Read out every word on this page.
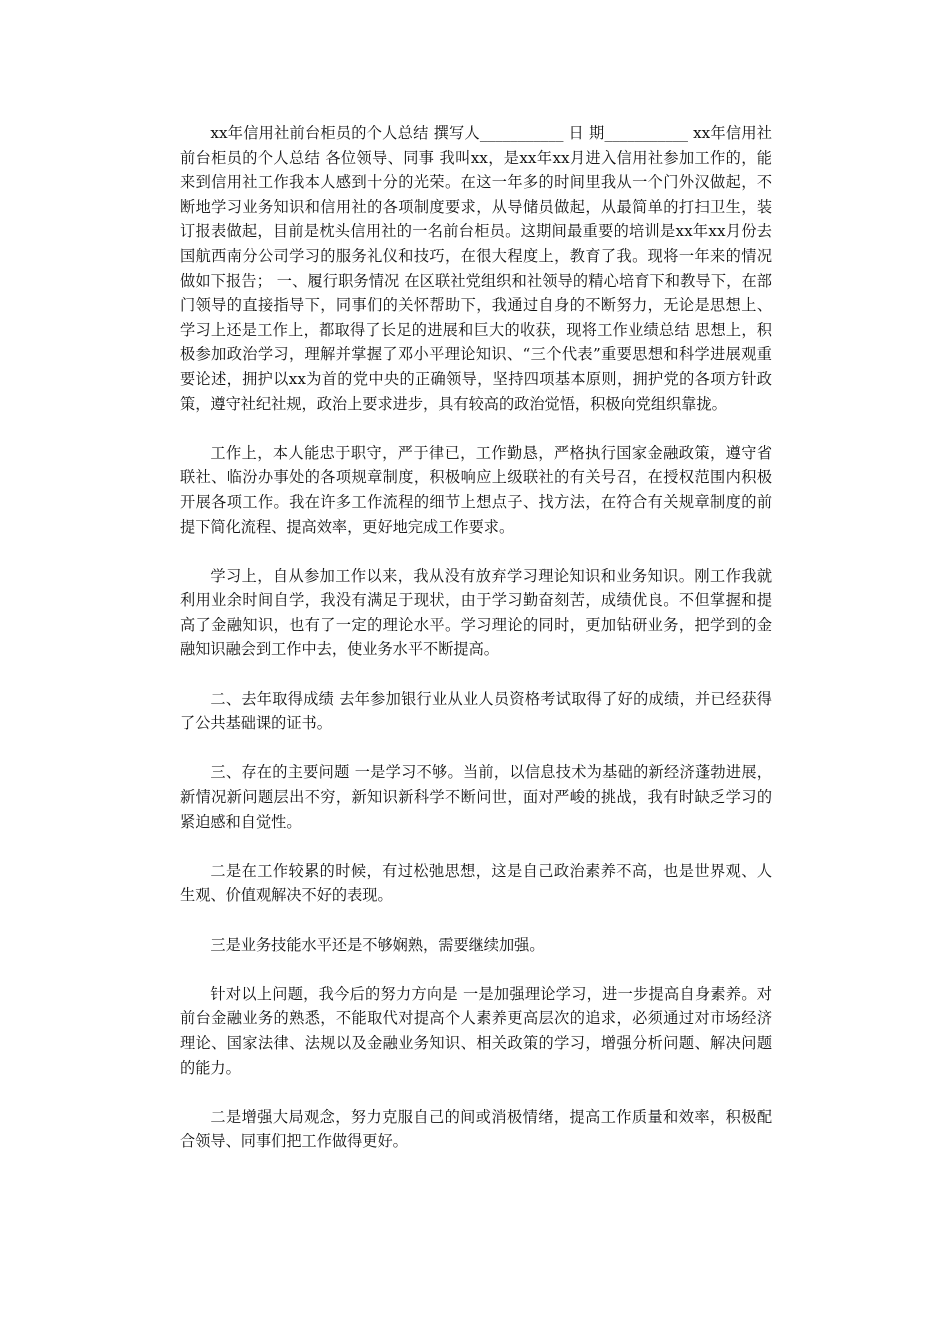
xx年信用社前台柜员的个人总结 撰写人___________ 日 期___________ xx年信用社前台柜员的个人总结 各位领导、同事 我叫xx，是xx年xx月进入信用社参加工作的，能来到信用社工作我本人感到十分的光荣。在这一年多的时间里我从一个门外汉做起，不断地学习业务知识和信用社的各项制度要求，从导储员做起，从最简单的打扫卫生，装订报表做起，目前是枕头信用社的一名前台柜员。这期间最重要的培训是xx年xx月份去国航西南分公司学习的服务礼仪和技巧，在很大程度上，教育了我。现将一年来的情况做如下报告； 一、履行职务情况 在区联社党组织和社领导的精心培育下和教导下，在部门领导的直接指导下，同事们的关怀帮助下，我通过自身的不断努力，无论是思想上、学习上还是工作上，都取得了长足的进展和巨大的收获，现将工作业绩总结 思想上，积极参加政治学习，理解并掌握了邓小平理论知识、“三个代表”重要思想和科学进展观重要论述，拥护以xx为首的党中央的正确领导，坚持四项基本原则，拥护党的各项方针政策，遵守社纪社规，政治上要求进步，具有较高的政治觉悟，积极向党组织靠拢。

工作上，本人能忠于职守，严于律已，工作勤恳，严格执行国家金融政策，遵守省联社、临汾办事处的各项规章制度，积极响应上级联社的有关号召，在授权范围内积极开展各项工作。我在许多工作流程的细节上想点子、找方法，在符合有关规章制度的前提下简化流程、提高效率，更好地完成工作要求。

学习上，自从参加工作以来，我从没有放弃学习理论知识和业务知识。刚工作我就利用业余时间自学，我没有满足于现状，由于学习勤奋刻苦，成绩优良。不但掌握和提高了金融知识，也有了一定的理论水平。学习理论的同时，更加钻研业务，把学到的金融知识融会到工作中去，使业务水平不断提高。

二、去年取得成绩 去年参加银行业从业人员资格考试取得了好的成绩，并已经获得了公共基础课的证书。

三、存在的主要问题 一是学习不够。当前，以信息技术为基础的新经济蓬勃进展，新情况新问题层出不穷，新知识新科学不断问世，面对严峻的挑战，我有时缺乏学习的紧迫感和自觉性。

二是在工作较累的时候，有过松弛思想，这是自己政治素养不高，也是世界观、人生观、价值观解决不好的表现。

三是业务技能水平还是不够娴熟，需要继续加强。

针对以上问题，我今后的努力方向是 一是加强理论学习，进一步提高自身素养。对前台金融业务的熟悉，不能取代对提高个人素养更高层次的追求，必须通过对市场经济理论、国家法律、法规以及金融业务知识、相关政策的学习，增强分析问题、解决问题的能力。

二是增强大局观念，努力克服自己的间或消极情绪，提高工作质量和效率，积极配合领导、同事们把工作做得更好。
